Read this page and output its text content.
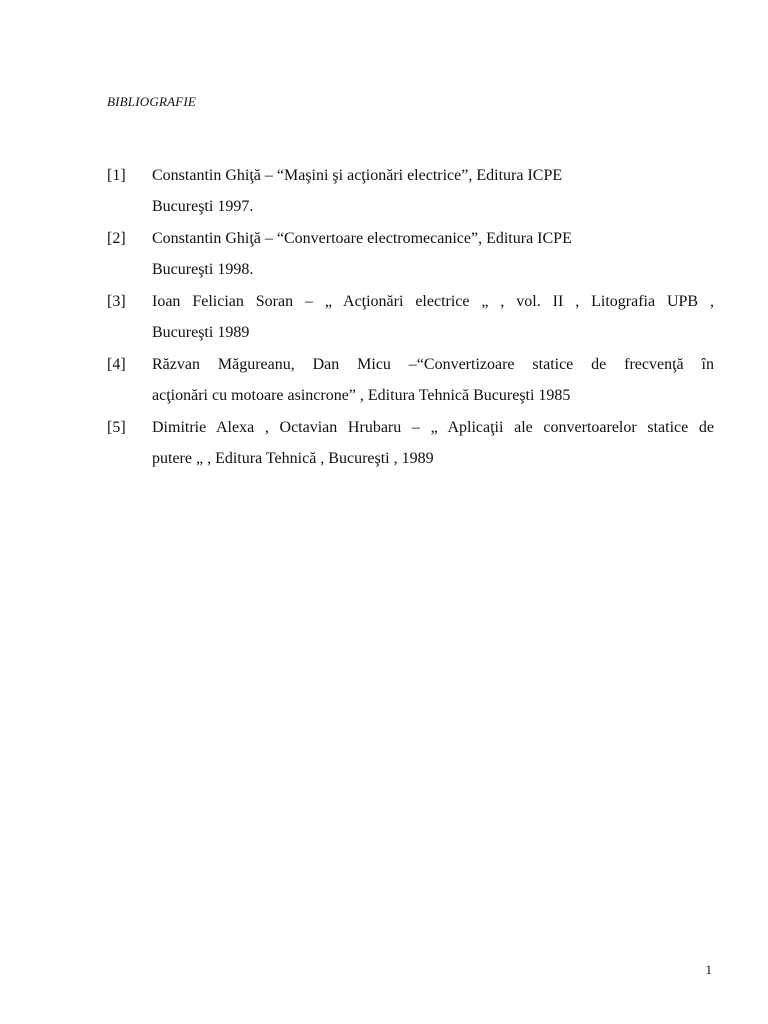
BIBLIOGRAFIE
[1] Constantin Ghiţă – “Maşini şi acţionări electrice”, Editura ICPE
Bucureşti 1997.
[2] Constantin Ghiţă – “Convertoare electromecanice”, Editura ICPE
Bucureşti 1998.
[3] Ioan Felician Soran – „ Acţionări electrice „ , vol. II , Litografia UPB ,
Bucureşti 1989
[4] Răzvan Măgureanu, Dan Micu –“Convertizoare statice de frecvenţă în
acţionări cu motoare asincrone” , Editura Tehnică Bucureşti 1985
[5] Dimitrie Alexa , Octavian Hrubaru – „ Aplicaţii ale convertoarelor statice de
putere „ , Editura Tehnică , Bucureşti , 1989
1
